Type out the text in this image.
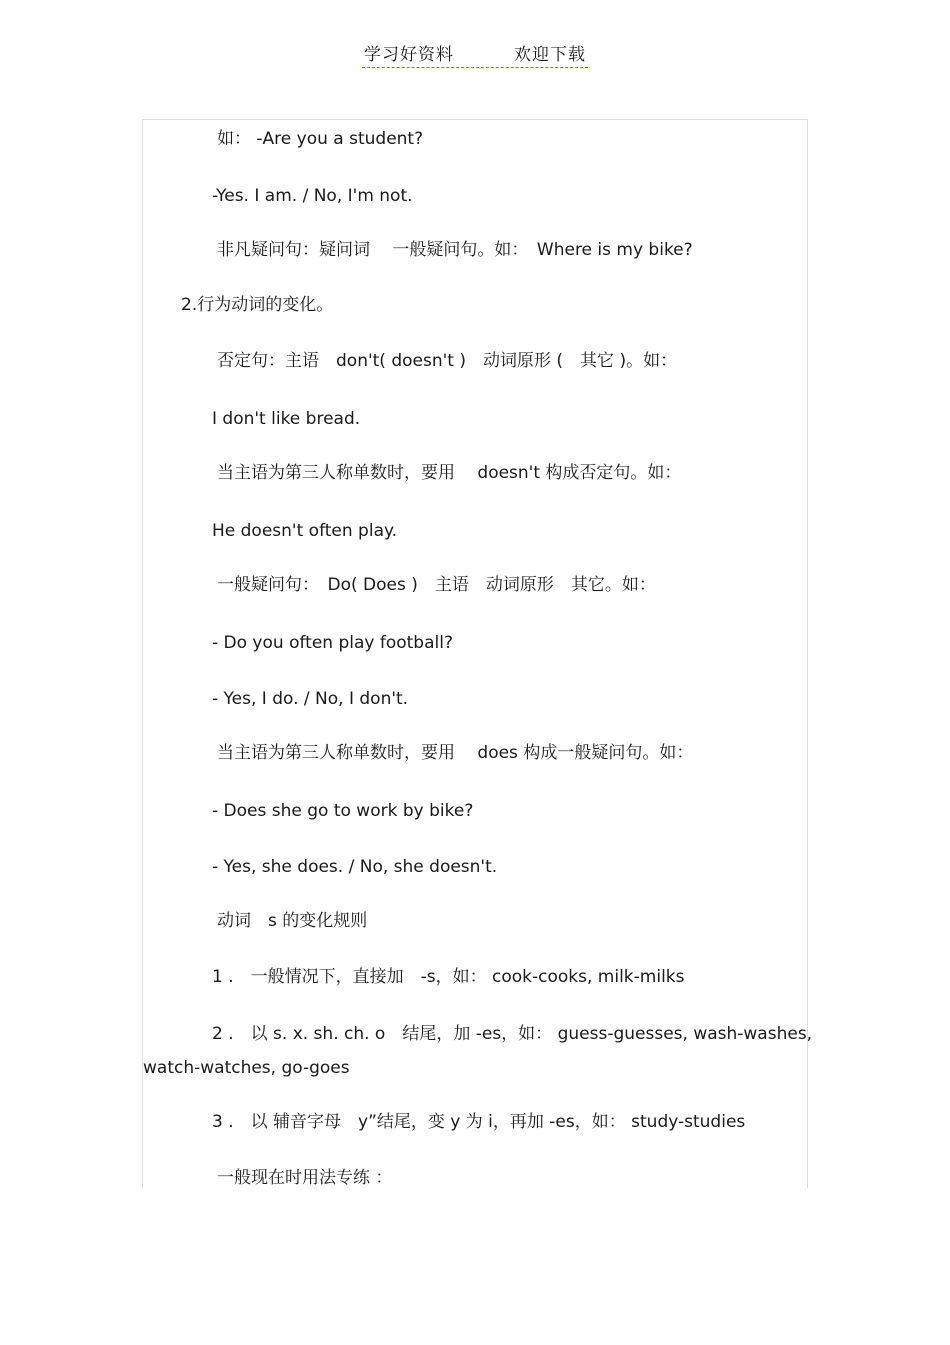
学习好资料	欢迎下载
如： -Are you a student?
-Yes. I am. / No, I'm not.
非凡疑问句：疑问词　 一般疑问句。如：　Where is my bike?
2.行为动词的变化。
否定句：主语　don't( doesn't )　动词原形 (　其它 )。如：
I don't like bread.
当主语为第三人称单数时，要用　 doesn't 构成否定句。如：
He doesn't often play.
一般疑问句：　Do( Does )　主语　动词原形　其它。如：
- Do you often play football?
- Yes, I do. / No, I don't.
当主语为第三人称单数时，要用　 does 构成一般疑问句。如：
- Does she go to work by bike?
- Yes, she does. / No, she doesn't.
动词　s 的变化规则
1 .　一般情况下，直接加　-s，如： cook-cooks, milk-milks
2 .　以 s. x. sh. ch. o　结尾，加 -es，如： guess-guesses, wash-washes,
watch-watches, go-goes
3 .　以 辅音字母　y”结尾，变 y 为 i，再加 -es，如： study-studies
一般现在时用法专练 ：
